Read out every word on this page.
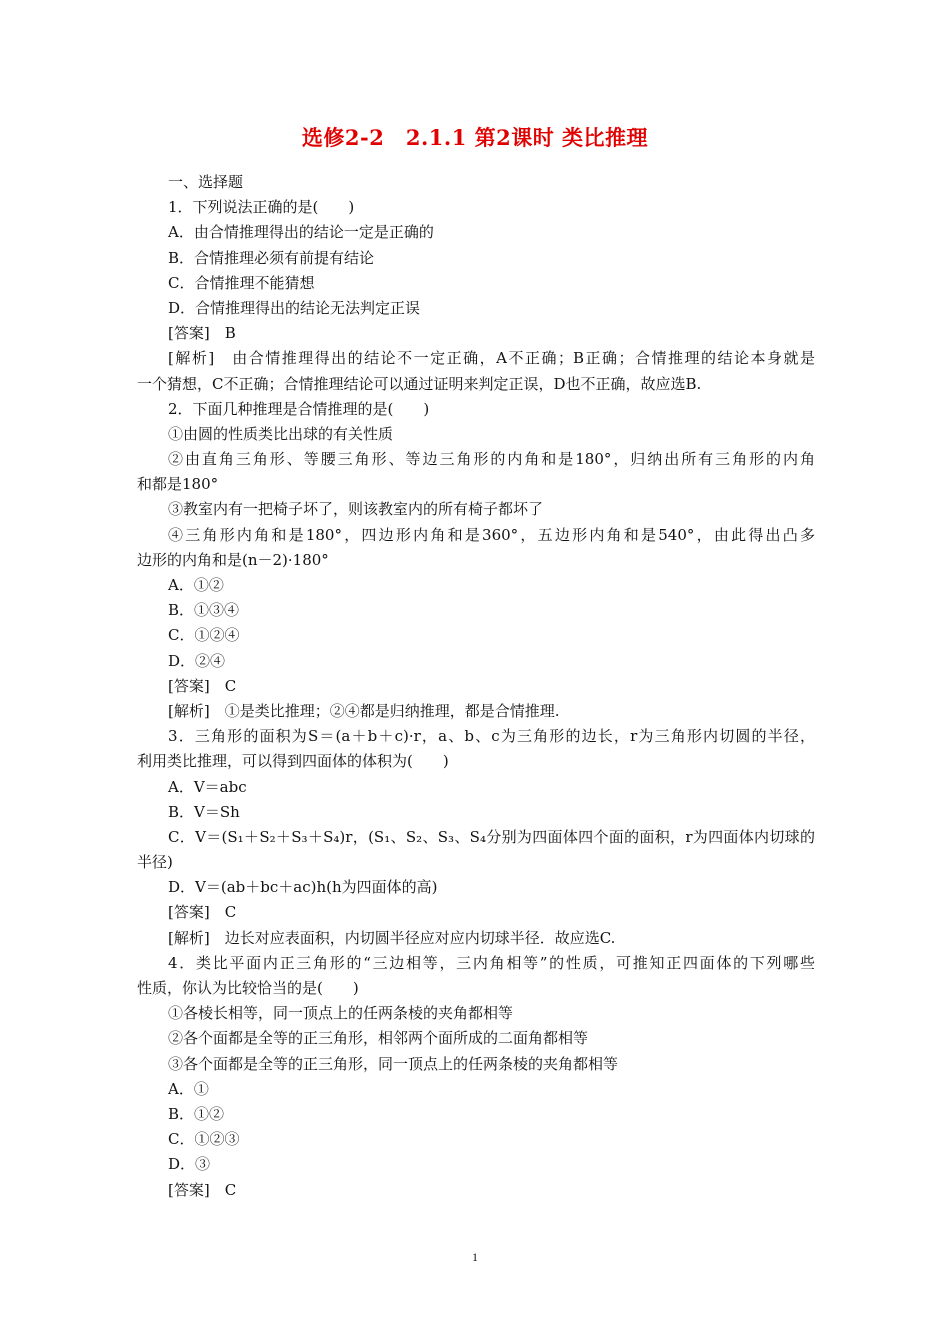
选修2-2　2.1.1 第2课时 类比推理
一、选择题
1．下列说法正确的是(　　)
A．由合情推理得出的结论一定是正确的
B．合情推理必须有前提有结论
C．合情推理不能猜想
D．合情推理得出的结论无法判定正误
[答案]　B
[解析]　由合情推理得出的结论不一定正确，A不正确；B正确；合情推理的结论本身就是
一个猜想，C不正确；合情推理结论可以通过证明来判定正误，D也不正确，故应选B.
2．下面几种推理是合情推理的是(　　)
①由圆的性质类比出球的有关性质
②由直角三角形、等腰三角形、等边三角形的内角和是180°，归纳出所有三角形的内角
和都是180°
③教室内有一把椅子坏了，则该教室内的所有椅子都坏了
④三角形内角和是180°，四边形内角和是360°，五边形内角和是540°，由此得出凸多
边形的内角和是(n－2)·180°
A．①②
B．①③④
C．①②④
D．②④
[答案]　C
[解析]　①是类比推理；②④都是归纳推理，都是合情推理.
3．三角形的面积为S＝(a＋b＋c)·r，a、b、c为三角形的边长，r为三角形内切圆的半径，
利用类比推理，可以得到四面体的体积为(　　)
A．V＝abc
B．V＝Sh
C．V＝(S₁＋S₂＋S₃＋S₄)r，(S₁、S₂、S₃、S₄分别为四面体四个面的面积，r为四面体内切球的
半径)
D．V＝(ab＋bc＋ac)h(h为四面体的高)
[答案]　C
[解析]　边长对应表面积，内切圆半径应对应内切球半径．故应选C.
4．类比平面内正三角形的“三边相等，三内角相等”的性质，可推知正四面体的下列哪些
性质，你认为比较恰当的是(　　)
①各棱长相等，同一顶点上的任两条棱的夹角都相等
②各个面都是全等的正三角形，相邻两个面所成的二面角都相等
③各个面都是全等的正三角形，同一顶点上的任两条棱的夹角都相等
A．①
B．①②
C．①②③
D．③
[答案]　C
1
